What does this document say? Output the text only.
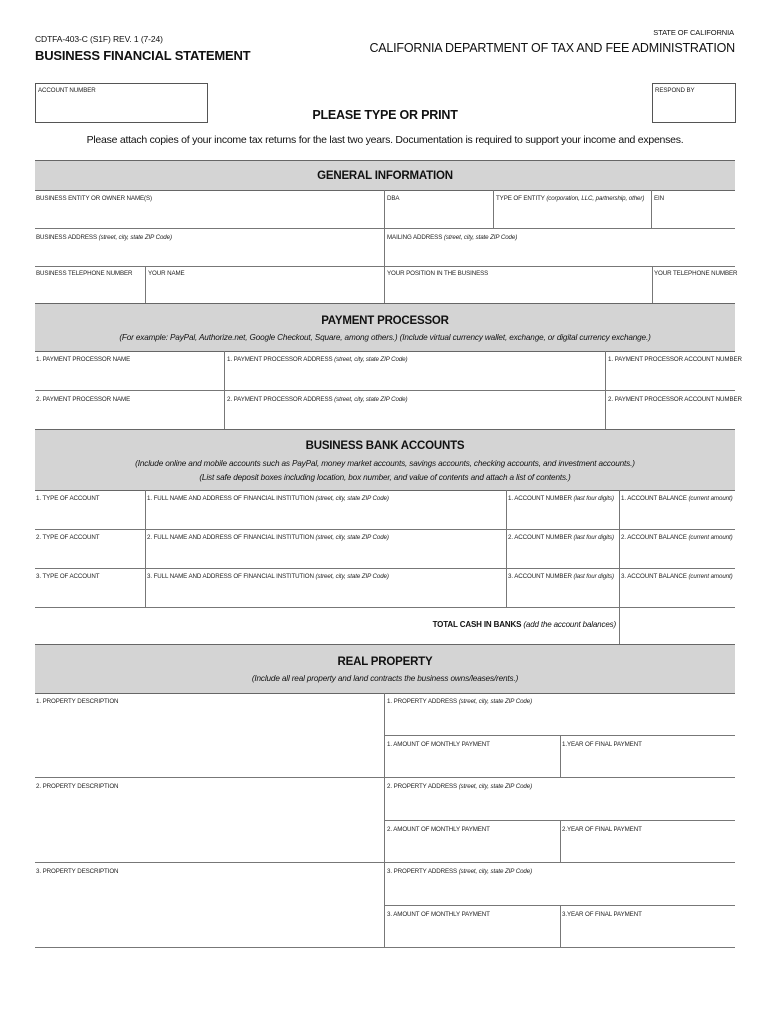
CDTFA-403-C (S1F) REV. 1 (7-24)
BUSINESS FINANCIAL STATEMENT
STATE OF CALIFORNIA
CALIFORNIA DEPARTMENT OF TAX AND FEE ADMINISTRATION
ACCOUNT NUMBER	RESPOND BY
PLEASE TYPE OR PRINT
Please attach copies of your income tax returns for the last two years. Documentation is required to support your income and expenses.
GENERAL INFORMATION
BUSINESS ENTITY OR OWNER NAME(S)	DBA	TYPE OF ENTITY (corporation, LLC, partnership, other) EIN
BUSINESS ADDRESS (street, city, state ZIP Code)	MAILING ADDRESS (street, city, state ZIP Code)
BUSINESS TELEPHONE NUMBER	YOUR NAME	YOUR POSITION IN THE BUSINESS	YOUR TELEPHONE NUMBER
PAYMENT PROCESSOR
(For example: PayPal, Authorize.net, Google Checkout, Square, among others.) (Include virtual currency wallet, exchange, or digital currency exchange.)
1. PAYMENT PROCESSOR NAME	1. PAYMENT PROCESSOR ADDRESS (street, city, state ZIP Code)	1. PAYMENT PROCESSOR ACCOUNT NUMBER
2. PAYMENT PROCESSOR NAME	2. PAYMENT PROCESSOR ADDRESS (street, city, state ZIP Code)	2. PAYMENT PROCESSOR ACCOUNT NUMBER
BUSINESS BANK ACCOUNTS
(Include online and mobile accounts such as PayPal, money market accounts, savings accounts, checking accounts, and investment accounts.)
(List safe deposit boxes including location, box number, and value of contents and attach a list of contents.)
1. TYPE OF ACCOUNT	1. FULL NAME AND ADDRESS OF FINANCIAL INSTITUTION (street, city, state ZIP Code)	1. ACCOUNT NUMBER (last four digits) 1. ACCOUNT BALANCE (current amount)
2. TYPE OF ACCOUNT	2. FULL NAME AND ADDRESS OF FINANCIAL INSTITUTION (street, city, state ZIP Code)	2. ACCOUNT NUMBER (last four digits) 2. ACCOUNT BALANCE (current amount)
3. TYPE OF ACCOUNT	3. FULL NAME AND ADDRESS OF FINANCIAL INSTITUTION (street, city, state ZIP Code)	3. ACCOUNT NUMBER (last four digits) 3. ACCOUNT BALANCE (current amount)
TOTAL CASH IN BANKS (add the account balances)
REAL PROPERTY
(Include all real property and land contracts the business owns/leases/rents.)
1. PROPERTY DESCRIPTION	1. PROPERTY ADDRESS (street, city, state ZIP Code)
1. AMOUNT OF MONTHLY PAYMENT	1.YEAR OF FINAL PAYMENT
2. PROPERTY DESCRIPTION	2. PROPERTY ADDRESS (street, city, state ZIP Code)
2. AMOUNT OF MONTHLY PAYMENT	2.YEAR OF FINAL PAYMENT
3. PROPERTY DESCRIPTION	3. PROPERTY ADDRESS (street, city, state ZIP Code)
3. AMOUNT OF MONTHLY PAYMENT	3.YEAR OF FINAL PAYMENT
